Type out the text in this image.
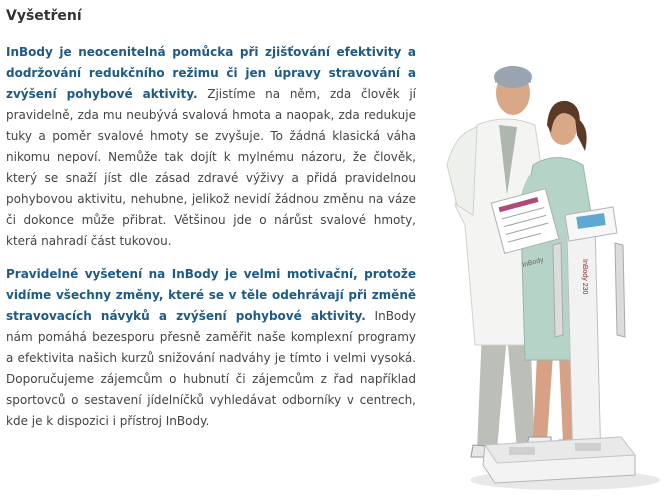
Vyšetření

InBody je neocenitelná pomůcka při zjišťování efektivity a dodržování redukčního režimu či jen úpravy stravování a zvýšení pohybové aktivity. Zjistíme na něm, zda člověk jí pravidelně, zda mu neubývá svalová hmota a naopak, zda redukuje tuky a poměr svalové hmoty se zvyšuje. To žádná klasická váha nikomu nepoví. Nemůže tak dojít k mylnému názoru, že člověk, který se snaží jíst dle zásad zdravé výživy a přidá pravidelnou pohybovou aktivitu, nehubne, jelikož nevidí žádnou změnu na váze či dokonce může přibrat. Většinou jde o nárůst svalové hmoty, která nahradí část tukovou.

Pravidelné vyšetení na InBody je velmi motivační, protože vidíme všechny změny, které se v těle odehrávají při změně stravovacích návyků a zvýšení pohybové aktivity. InBody nám pomáhá bezesporu přesně zaměřit naše komplexní programy a efektivita našich kurzů snižování nadváhy je tímto i velmi vysoká. Doporučujeme zájemcům o hubnutí či zájemcům z řad například sportovců o sestavení jídelníčků vyhledávat odborníky v centrech, kde je k dispozici i přístroj InBody.

InBody	InBody 230
